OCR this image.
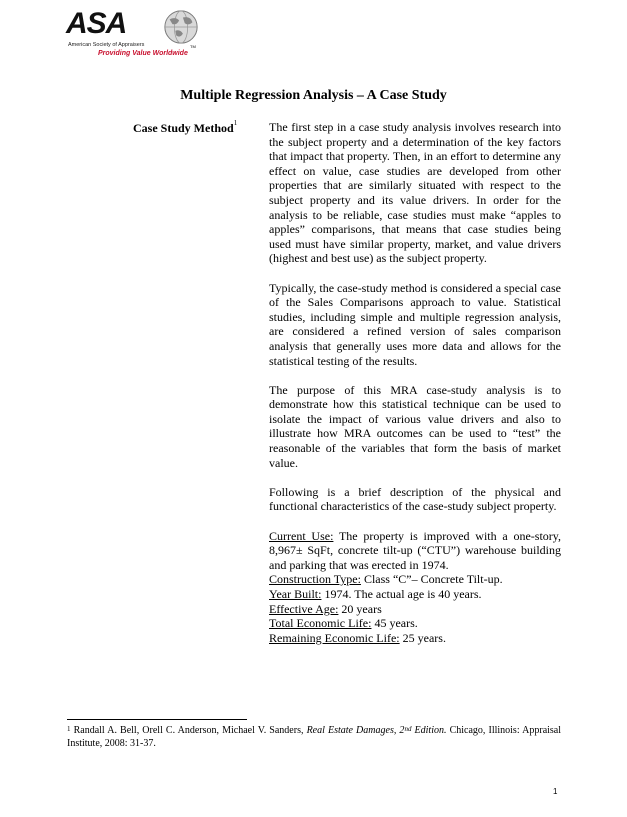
ASA
American Society of Appraisers	TM
Providing Value Worldwide
Multiple Regression Analysis – A Case Study
Case Study Method$^1$	The first step in a case study analysis involves research into the subject property and a determination of the key factors that impact that property. Then, in an effort to determine any effect on value, case studies are developed from other properties that are similarly situated with respect to the subject property and its value drivers. In order for the analysis to be reliable, case studies must make “apples to apples” comparisons, that means that case studies being used must have similar property, market, and value drivers (highest and best use) as the subject property.

Typically, the case-study method is considered a special case of the Sales Comparisons approach to value. Statistical studies, including simple and multiple regression analysis, are considered a refined version of sales comparison analysis that generally uses more data and allows for the statistical testing of the results.

The purpose of this MRA case-study analysis is to demonstrate how this statistical technique can be used to isolate the impact of various value drivers and also to illustrate how MRA outcomes can be used to “test” the reasonable of the variables that form the basis of market value.

Following is a brief description of the physical and functional characteristics of the case-study subject property.

Current Use: The property is improved with a one-story, 8,967± SqFt, concrete tilt-up (“CTU”) warehouse building and parking that was erected in 1974.

Construction Type: Class “C”– Concrete Tilt-up.

Year Built: 1974. The actual age is 40 years.

Effective Age: 20 years

Total Economic Life: 45 years.

Remaining Economic Life: 25 years.

$^1$ Randall A. Bell, Orell C. Anderson, Michael V. Sanders, Real Estate Damages, 2nd Edition. Chicago, Illinois: Appraisal Institute, 2008: 31-37.
1
